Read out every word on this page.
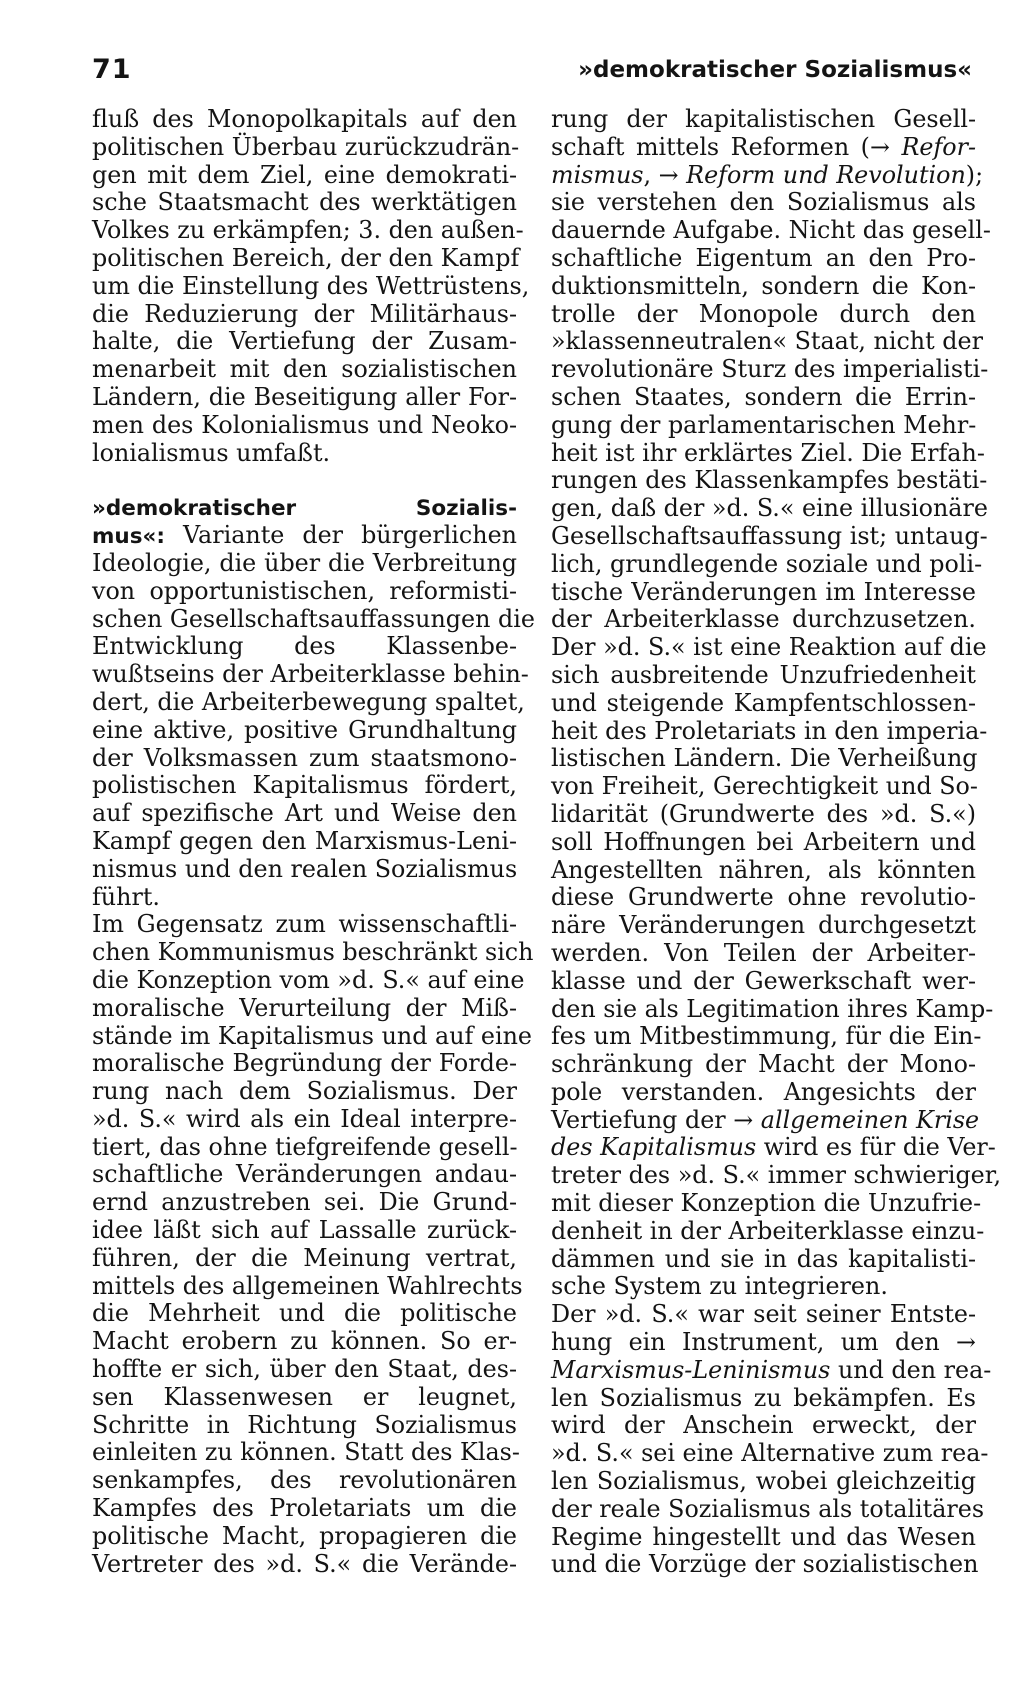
71	»demokratischer Sozialismus«
fluß des Monopolkapitals auf den
politischen Überbau zurückzudrän-
gen mit dem Ziel, eine demokrati-
sche Staatsmacht des werktätigen
Volkes zu erkämpfen; 3. den außen-
politischen Bereich, der den Kampf
um die Einstellung des Wettrüstens,
die Reduzierung der Militärhaus-
halte, die Vertiefung der Zusam-
menarbeit mit den sozialistischen
Ländern, die Beseitigung aller For-
men des Kolonialismus und Neoko-
lonialismus umfaßt.
»demokratischer Sozialis-
mus«: Variante der bürgerlichen
Ideologie, die über die Verbreitung
von opportunistischen, reformisti-
schen Gesellschaftsauffassungen die
Entwicklung des Klassenbe-
wußtseins der Arbeiterklasse behin-
dert, die Arbeiterbewegung spaltet,
eine aktive, positive Grundhaltung
der Volksmassen zum staatsmono-
polistischen Kapitalismus fördert,
auf spezifische Art und Weise den
Kampf gegen den Marxismus-Leni-
nismus und den realen Sozialismus
führt.
Im Gegensatz zum wissenschaftli-
chen Kommunismus beschränkt sich
die Konzeption vom »d. S.« auf eine
moralische Verurteilung der Miß-
stände im Kapitalismus und auf eine
moralische Begründung der Forde-
rung nach dem Sozialismus. Der
»d. S.« wird als ein Ideal interpre-
tiert, das ohne tiefgreifende gesell-
schaftliche Veränderungen andau-
ernd anzustreben sei. Die Grund-
idee läßt sich auf Lassalle zurück-
führen, der die Meinung vertrat,
mittels des allgemeinen Wahlrechts
die Mehrheit und die politische
Macht erobern zu können. So er-
hoffte er sich, über den Staat, des-
sen Klassenwesen er leugnet,
Schritte in Richtung Sozialismus
einleiten zu können. Statt des Klas-
senkampfes, des revolutionären
Kampfes des Proletariats um die
politische Macht, propagieren die
Vertreter des »d. S.« die Verände-
rung der kapitalistischen Gesell-
schaft mittels Reformen (→ Refor-
mismus, → Reform und Revolution);
sie verstehen den Sozialismus als
dauernde Aufgabe. Nicht das gesell-
schaftliche Eigentum an den Pro-
duktionsmitteln, sondern die Kon-
trolle der Monopole durch den
»klassenneutralen« Staat, nicht der
revolutionäre Sturz des imperialisti-
schen Staates, sondern die Errin-
gung der parlamentarischen Mehr-
heit ist ihr erklärtes Ziel. Die Erfah-
rungen des Klassenkampfes bestäti-
gen, daß der »d. S.« eine illusionäre
Gesellschaftsauffassung ist; untaug-
lich, grundlegende soziale und poli-
tische Veränderungen im Interesse
der Arbeiterklasse durchzusetzen.
Der »d. S.« ist eine Reaktion auf die
sich ausbreitende Unzufriedenheit
und steigende Kampfentschlossen-
heit des Proletariats in den imperia-
listischen Ländern. Die Verheißung
von Freiheit, Gerechtigkeit und So-
lidarität (Grundwerte des »d. S.«)
soll Hoffnungen bei Arbeitern und
Angestellten nähren, als könnten
diese Grundwerte ohne revolutio-
näre Veränderungen durchgesetzt
werden. Von Teilen der Arbeiter-
klasse und der Gewerkschaft wer-
den sie als Legitimation ihres Kamp-
fes um Mitbestimmung, für die Ein-
schränkung der Macht der Mono-
pole verstanden. Angesichts der
Vertiefung der → allgemeinen Krise
des Kapitalismus wird es für die Ver-
treter des »d. S.« immer schwieriger,
mit dieser Konzeption die Unzufrie-
denheit in der Arbeiterklasse einzu-
dämmen und sie in das kapitalisti-
sche System zu integrieren.
Der »d. S.« war seit seiner Entste-
hung ein Instrument, um den →
Marxismus-Leninismus und den rea-
len Sozialismus zu bekämpfen. Es
wird der Anschein erweckt, der
»d. S.« sei eine Alternative zum rea-
len Sozialismus, wobei gleichzeitig
der reale Sozialismus als totalitäres
Regime hingestellt und das Wesen
und die Vorzüge der sozialistischen
